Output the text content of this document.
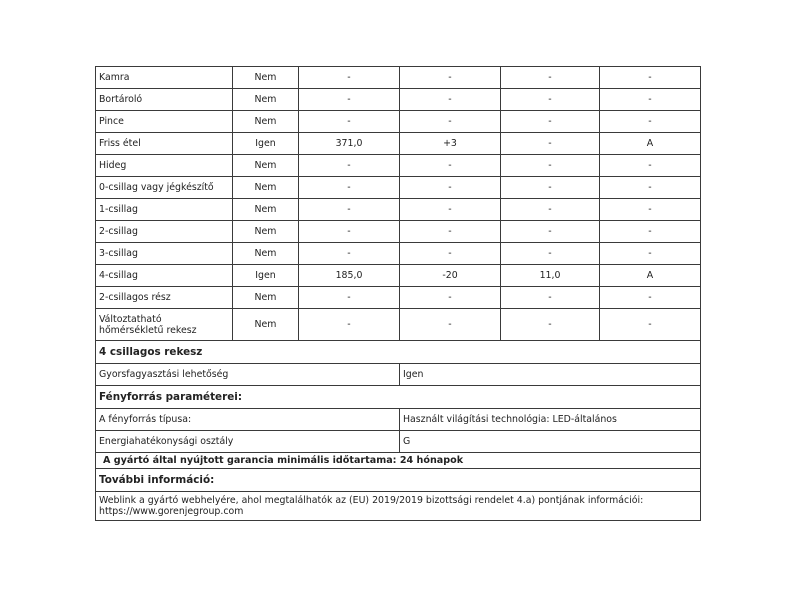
Kamra	Nem	-	-	-	-
Bortároló	Nem	-	-	-	-
Pince	Nem	-	-	-	-
Friss étel	Igen	371,0	+3	-	A
Hideg	Nem	-	-	-	-
0-csillag vagy jégkészítő	Nem	-	-	-	-
1-csillag	Nem	-	-	-	-
2-csillag	Nem	-	-	-	-
3-csillag	Nem	-	-	-	-
4-csillag	Igen	185,0	-20	11,0	A
2-csillagos rész	Nem	-	-	-	-
Változtatható hőmérsékletű rekesz	Nem	-	-	-	-
4 csillagos rekesz					
Gyorsfagyasztási lehetőség			Igen		
Fényforrás paraméterei:					
A fényforrás típusa:			Használt világítási technológia: LED-általános		
Energiahatékonysági osztály			G		
A gyártó által nyújtott garancia minimális időtartama: 24 hónapok					
További információ:					

Weblink a gyártó webhelyére, ahol megtalálhatók az (EU) 2019/2019 bizottsági rendelet 4.a) pontjának információi:
https://www.gorenjegroup.com					
